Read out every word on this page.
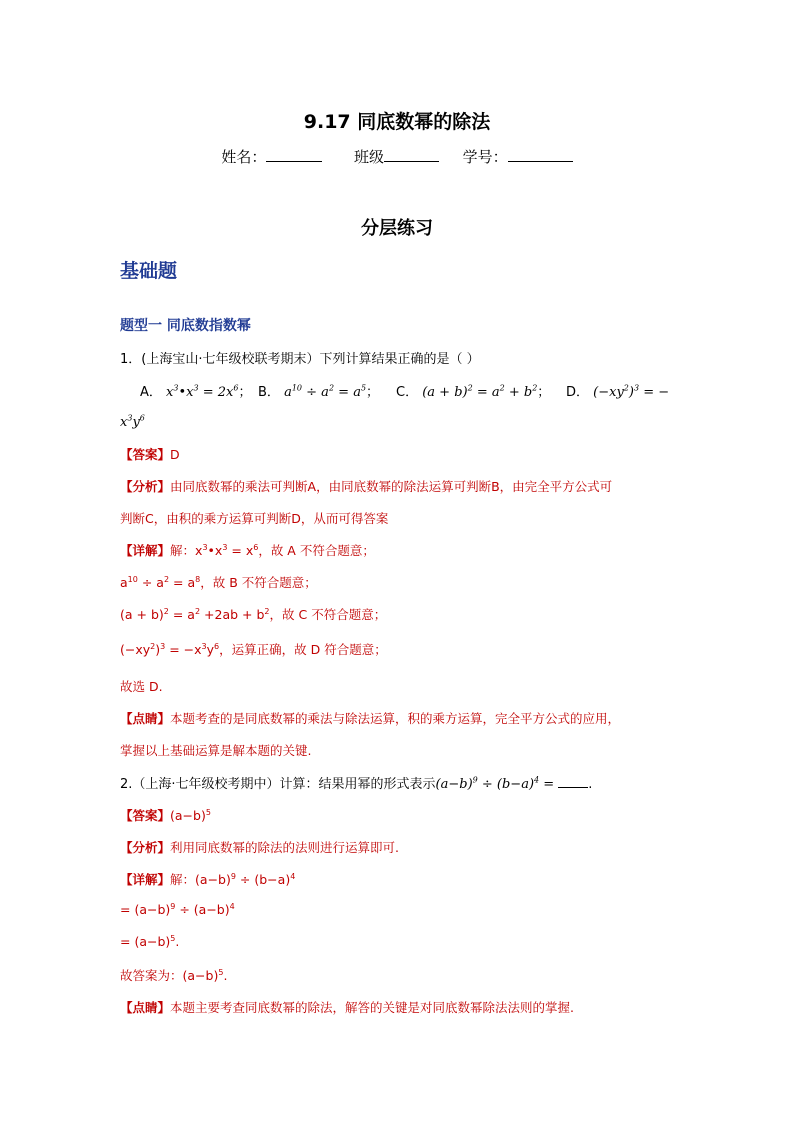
9.17 同底数幂的除法
姓名：	班级	学号：
分层练习
基础题
题型一 同底数指数幂
1．(上海宝山·七年级校联考期末）下列计算结果正确的是（ ）
A． $x^3•x^3 = 2x^6$； B． $a^{10} \div a^2 = a^5$； C． $(a + b)^2 = a^2 + b^2$； D． $(-xy^2)^3$ = −
$x^3y^6$
【答案】D
【分析】由同底数幂的乘法可判断A，由同底数幂的除法运算可判断B，由完全平方公式可
判断C，由积的乘方运算可判断D，从而可得答案
【详解】解：$x^3•x^3 = x^6$，故 A 不符合题意；
$a^{10} \div a^2 = a^8$，故 B 不符合题意；
$(a + b)^2 = a^2 +2ab + b^2$，故 C 不符合题意；
$(-xy^2)^3 = -x^3y^6$，运算正确，故 D 符合题意；
故选 D.
【点睛】本题考查的是同底数幂的乘法与除法运算，积的乘方运算，完全平方公式的应用，
掌握以上基础运算是解本题的关键.
2.（上海·七年级校考期中）计算：结果用幂的形式表示$(a-b)^9 \div (b-a)^4$ = .
【答案】$(a-b)^5$
【分析】利用同底数幂的除法的法则进行运算即可.
【详解】解：$(a-b)^9 \div (b-a)^4$
= $(a-b)^9 \div (a-b)^4$
= $(a-b)^5$.
故答案为：$(a-b)^5$.
【点睛】本题主要考查同底数幂的除法，解答的关键是对同底数幂除法法则的掌握.
